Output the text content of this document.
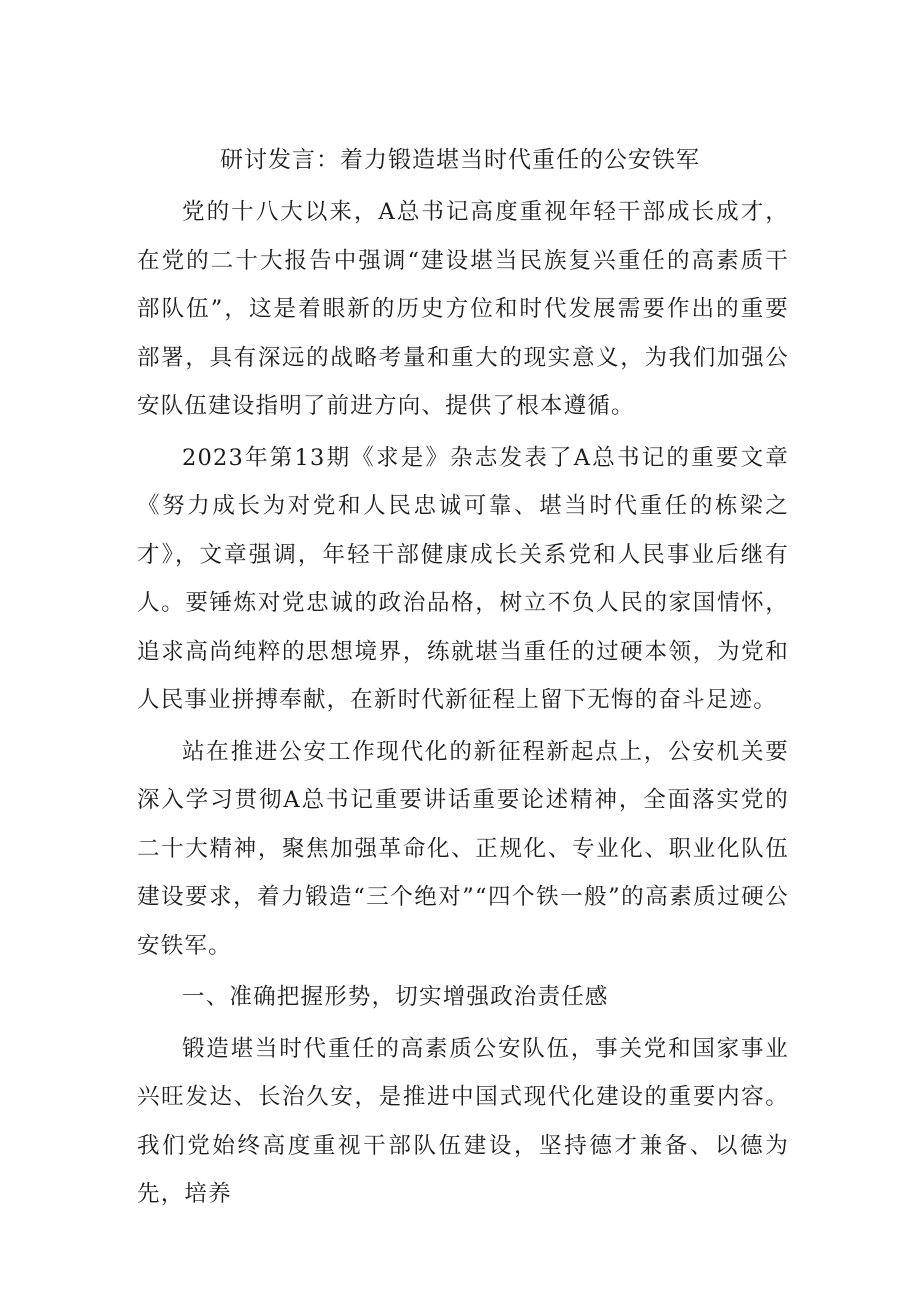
研讨发言：着力锻造堪当时代重任的公安铁军

党的十八大以来，A总书记高度重视年轻干部成长成才，在党的二十大报告中强调“建设堪当民族复兴重任的高素质干部队伍”，这是着眼新的历史方位和时代发展需要作出的重要部署，具有深远的战略考量和重大的现实意义，为我们加强公安队伍建设指明了前进方向、提供了根本遵循。

2023年第13期《求是》杂志发表了A总书记的重要文章《努力成长为对党和人民忠诚可靠、堪当时代重任的栋梁之才》，文章强调，年轻干部健康成长关系党和人民事业后继有人。要锤炼对党忠诚的政治品格，树立不负人民的家国情怀，追求高尚纯粹的思想境界，练就堪当重任的过硬本领，为党和人民事业拼搏奉献，在新时代新征程上留下无悔的奋斗足迹。

站在推进公安工作现代化的新征程新起点上，公安机关要深入学习贯彻A总书记重要讲话重要论述精神，全面落实党的二十大精神，聚焦加强革命化、正规化、专业化、职业化队伍建设要求，着力锻造“三个绝对”“四个铁一般”的高素质过硬公安铁军。

一、准确把握形势，切实增强政治责任感

锻造堪当时代重任的高素质公安队伍，事关党和国家事业兴旺发达、长治久安，是推进中国式现代化建设的重要内容。我们党始终高度重视干部队伍建设，坚持德才兼备、以德为先，培养
